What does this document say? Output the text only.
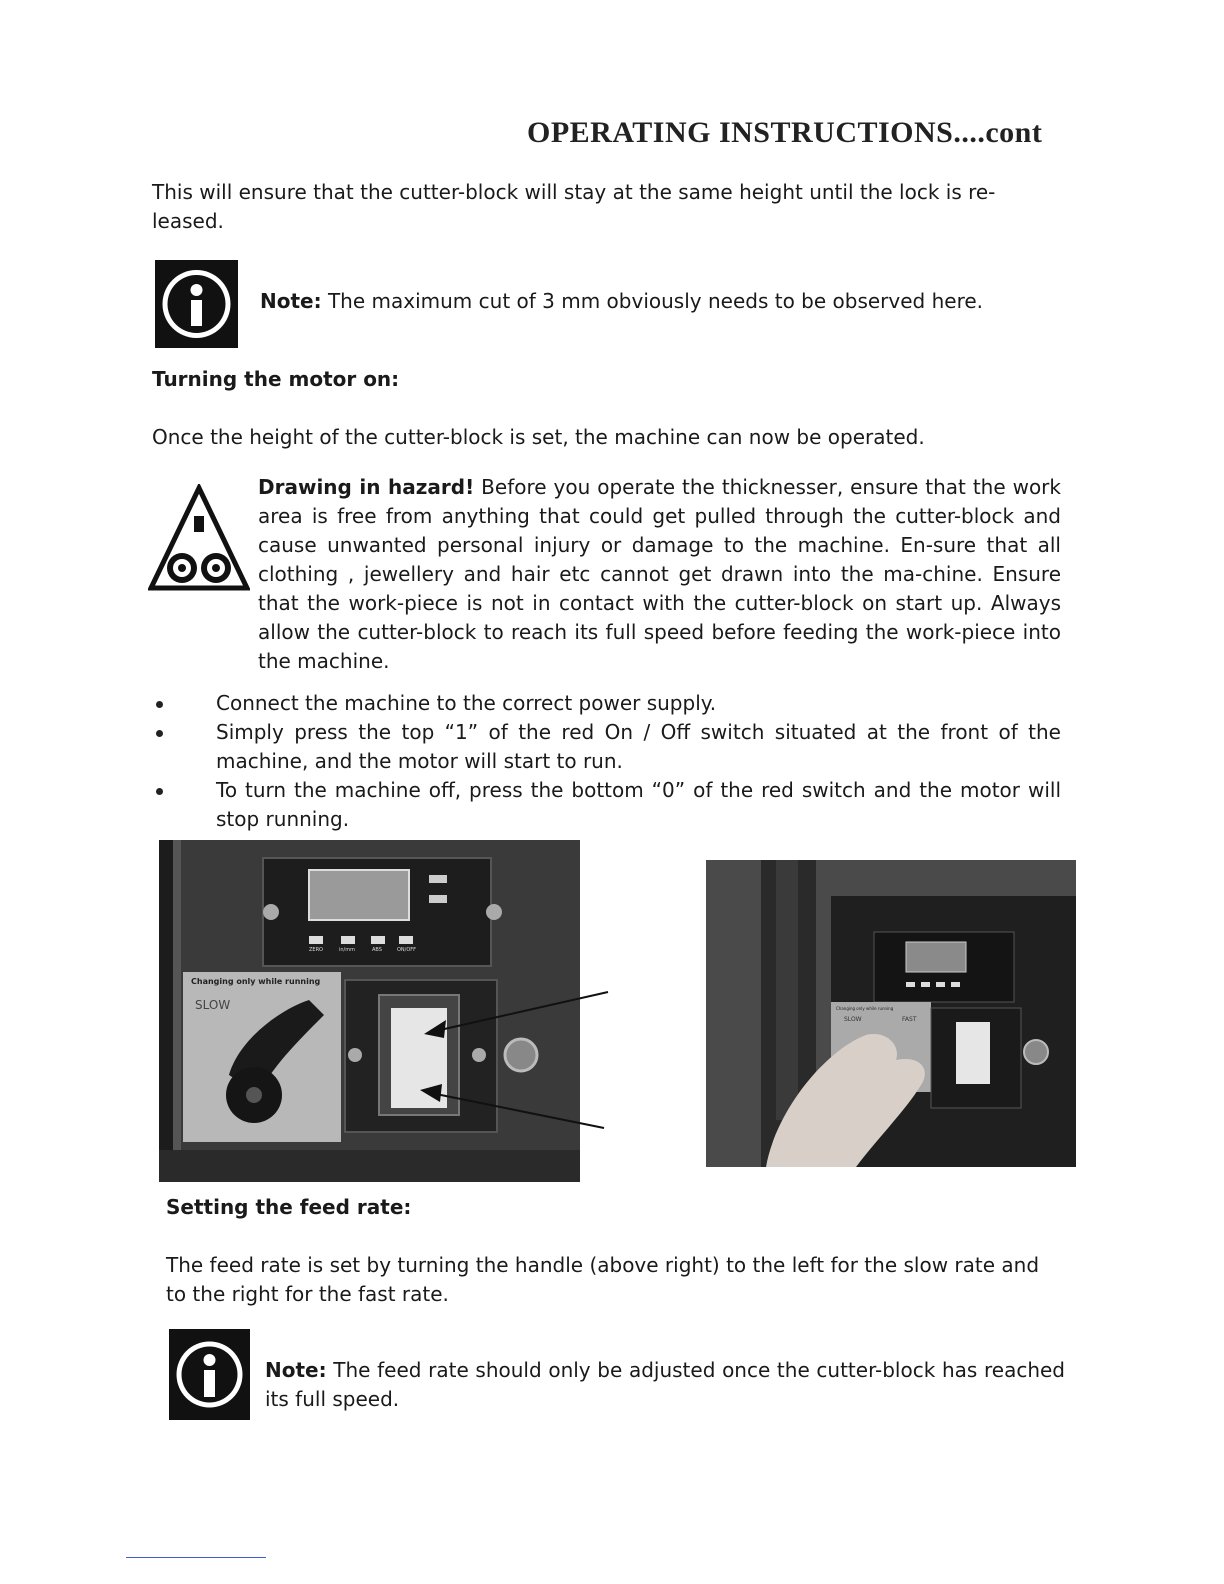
OPERATING INSTRUCTIONS....cont
This will ensure that the cutter-block will stay at the same height until the lock is re-leased.
Note: The maximum cut of 3 mm obviously needs to be observed here.
Turning the motor on:
Once the height of the cutter-block is set, the machine can now be operated.
Drawing in hazard! Before you operate the thicknesser, ensure that the work area is free from anything that could get pulled through the cutter-block and cause unwanted personal injury or damage to the machine. En-sure that all clothing , jewellery and hair etc cannot get drawn into the ma-chine. Ensure that the work-piece is not in contact with the cutter-block on start up. Always allow the cutter-block to reach its full speed before feeding the work-piece into the machine.
Connect the machine to the correct power supply.
Simply press the top “1” of the red On / Off switch situated at the front of the machine, and the motor will start to run.
To turn the machine off, press the bottom “0” of the red switch and the motor will stop running.
Changing only while running
SLOW
ZERO	in/mm	ABS	ON/OFF
Changing only while running
SLOW	FAST
Setting the feed rate:
The feed rate is set by turning the handle (above right) to the left for the slow rate and to the right for the fast rate.
Note: The feed rate should only be adjusted once the cutter-block has reached its full speed.
